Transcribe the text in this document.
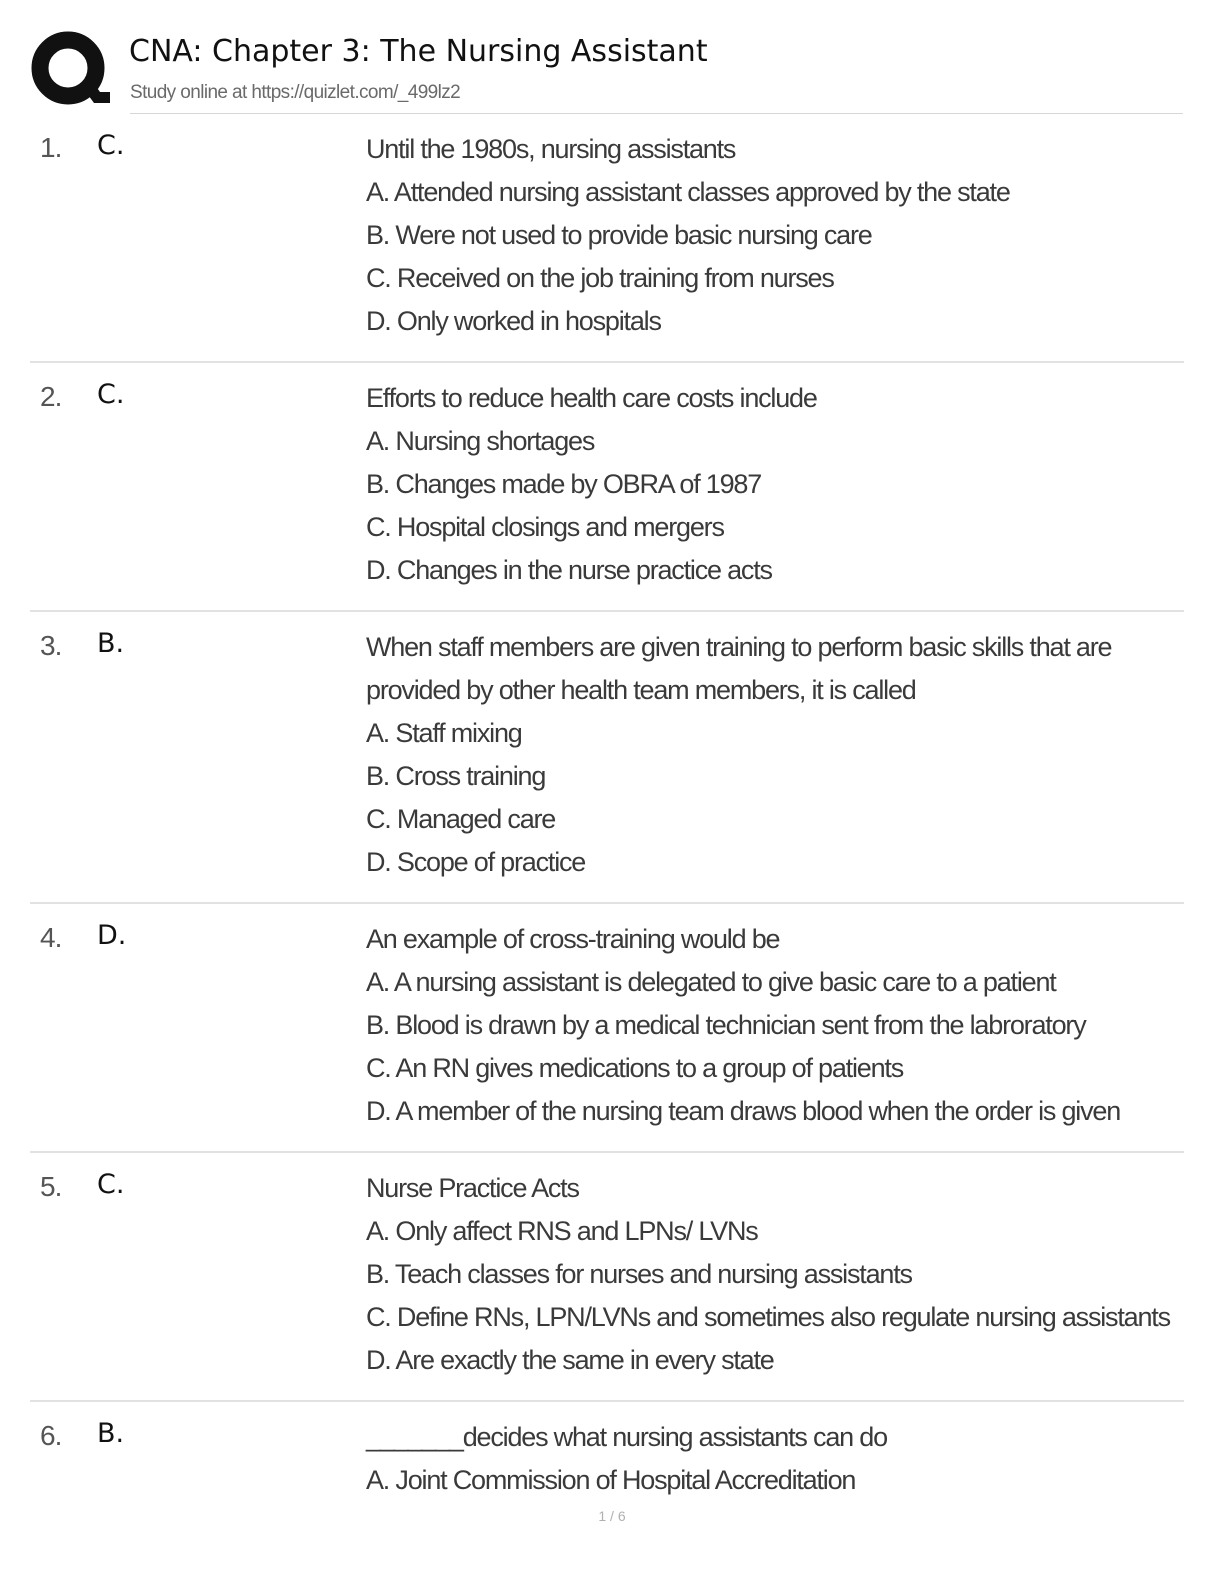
CNA: Chapter 3: The Nursing Assistant
Study online at https://quizlet.com/_499lz2
1. C.	Until the 1980s, nursing assistants
A. Attended nursing assistant classes approved by the state
B. Were not used to provide basic nursing care
C. Received on the job training from nurses
D. Only worked in hospitals
2. C.	Efforts to reduce health care costs include
A. Nursing shortages
B. Changes made by OBRA of 1987
C. Hospital closings and mergers
D. Changes in the nurse practice acts
3. B.	When staff members are given training to perform basic skills that are provided by other health team members, it is called
A. Staff mixing
B. Cross training
C. Managed care
D. Scope of practice
4. D.	An example of cross-training would be
A. A nursing assistant is delegated to give basic care to a patient
B. Blood is drawn by a medical technician sent from the labroratory
C. An RN gives medications to a group of patients
D. A member of the nursing team draws blood when the order is given
5. C.	Nurse Practice Acts
A. Only affect RNS and LPNs/ LVNs
B. Teach classes for nurses and nursing assistants
C. Define RNs, LPN/LVNs and sometimes also regulate nursing assistants
D. Are exactly the same in every state
6. B.	_______decides what nursing assistants can do
A. Joint Commission of Hospital Accreditation
1 / 6
